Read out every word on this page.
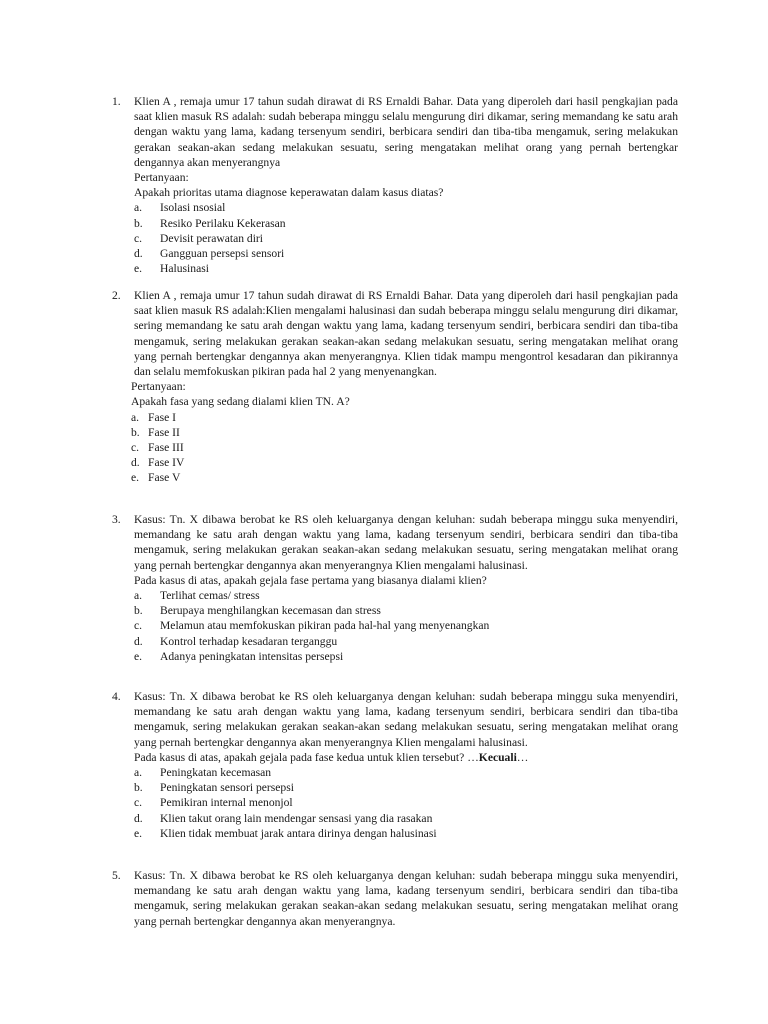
1.	Klien A , remaja umur 17 tahun sudah dirawat di RS Ernaldi Bahar. Data yang diperoleh dari hasil pengkajian pada saat klien masuk RS adalah: sudah beberapa minggu selalu mengurung diri dikamar, sering memandang ke satu arah dengan waktu yang lama, kadang tersenyum sendiri, berbicara sendiri dan tiba-tiba mengamuk, sering melakukan gerakan seakan-akan sedang melakukan sesuatu, sering mengatakan melihat orang yang pernah bertengkar dengannya akan menyerangnya

Pertanyaan:

Apakah prioritas utama diagnose keperawatan dalam kasus diatas?

a. Isolasi nsosial
b. Resiko Perilaku Kekerasan
c. Devisit perawatan diri
d. Gangguan persepsi sensori
e. Halusinasi
2.	Klien A , remaja umur 17 tahun sudah dirawat di RS Ernaldi Bahar. Data yang diperoleh dari hasil pengkajian pada saat klien masuk RS adalah:Klien mengalami halusinasi dan sudah beberapa minggu selalu mengurung diri dikamar, sering memandang ke satu arah dengan waktu yang lama, kadang tersenyum sendiri, berbicara sendiri dan tiba-tiba mengamuk, sering melakukan gerakan seakan-akan sedang melakukan sesuatu, sering mengatakan melihat orang yang pernah bertengkar dengannya akan menyerangnya. Klien tidak mampu mengontrol kesadaran dan pikirannya dan selalu memfokuskan pikiran pada hal 2 yang menyenangkan.

Pertanyaan:

Apakah fasa yang sedang dialami klien TN. A?

a. Fase I
b. Fase II
c. Fase III
d. Fase IV
e. Fase V
3.	Kasus: Tn. X dibawa berobat ke RS oleh keluarganya dengan keluhan: sudah beberapa minggu suka menyendiri, memandang ke satu arah dengan waktu yang lama, kadang tersenyum sendiri, berbicara sendiri dan tiba-tiba mengamuk, sering melakukan gerakan seakan-akan sedang melakukan sesuatu, sering mengatakan melihat orang yang pernah bertengkar dengannya akan menyerangnya Klien mengalami halusinasi.

Pada kasus di atas, apakah gejala fase pertama yang biasanya dialami klien?

a. Terlihat cemas/ stress
b. Berupaya menghilangkan kecemasan dan stress
c. Melamun atau memfokuskan pikiran pada hal-hal yang menyenangkan
d. Kontrol terhadap kesadaran terganggu
e. Adanya peningkatan intensitas persepsi
4.	Kasus: Tn. X dibawa berobat ke RS oleh keluarganya dengan keluhan: sudah beberapa minggu suka menyendiri, memandang ke satu arah dengan waktu yang lama, kadang tersenyum sendiri, berbicara sendiri dan tiba-tiba mengamuk, sering melakukan gerakan seakan-akan sedang melakukan sesuatu, sering mengatakan melihat orang yang pernah bertengkar dengannya akan menyerangnya Klien mengalami halusinasi.

Pada kasus di atas, apakah gejala pada fase kedua untuk klien tersebut? …Kecuali…

a. Peningkatan kecemasan
b. Peningkatan sensori persepsi
c. Pemikiran internal menonjol
d. Klien takut orang lain mendengar sensasi yang dia rasakan
e. Klien tidak membuat jarak antara dirinya dengan halusinasi
5.	Kasus: Tn. X dibawa berobat ke RS oleh keluarganya dengan keluhan: sudah beberapa minggu suka menyendiri, memandang ke satu arah dengan waktu yang lama, kadang tersenyum sendiri, berbicara sendiri dan tiba-tiba mengamuk, sering melakukan gerakan seakan-akan sedang melakukan sesuatu, sering mengatakan melihat orang yang pernah bertengkar dengannya akan menyerangnya.
